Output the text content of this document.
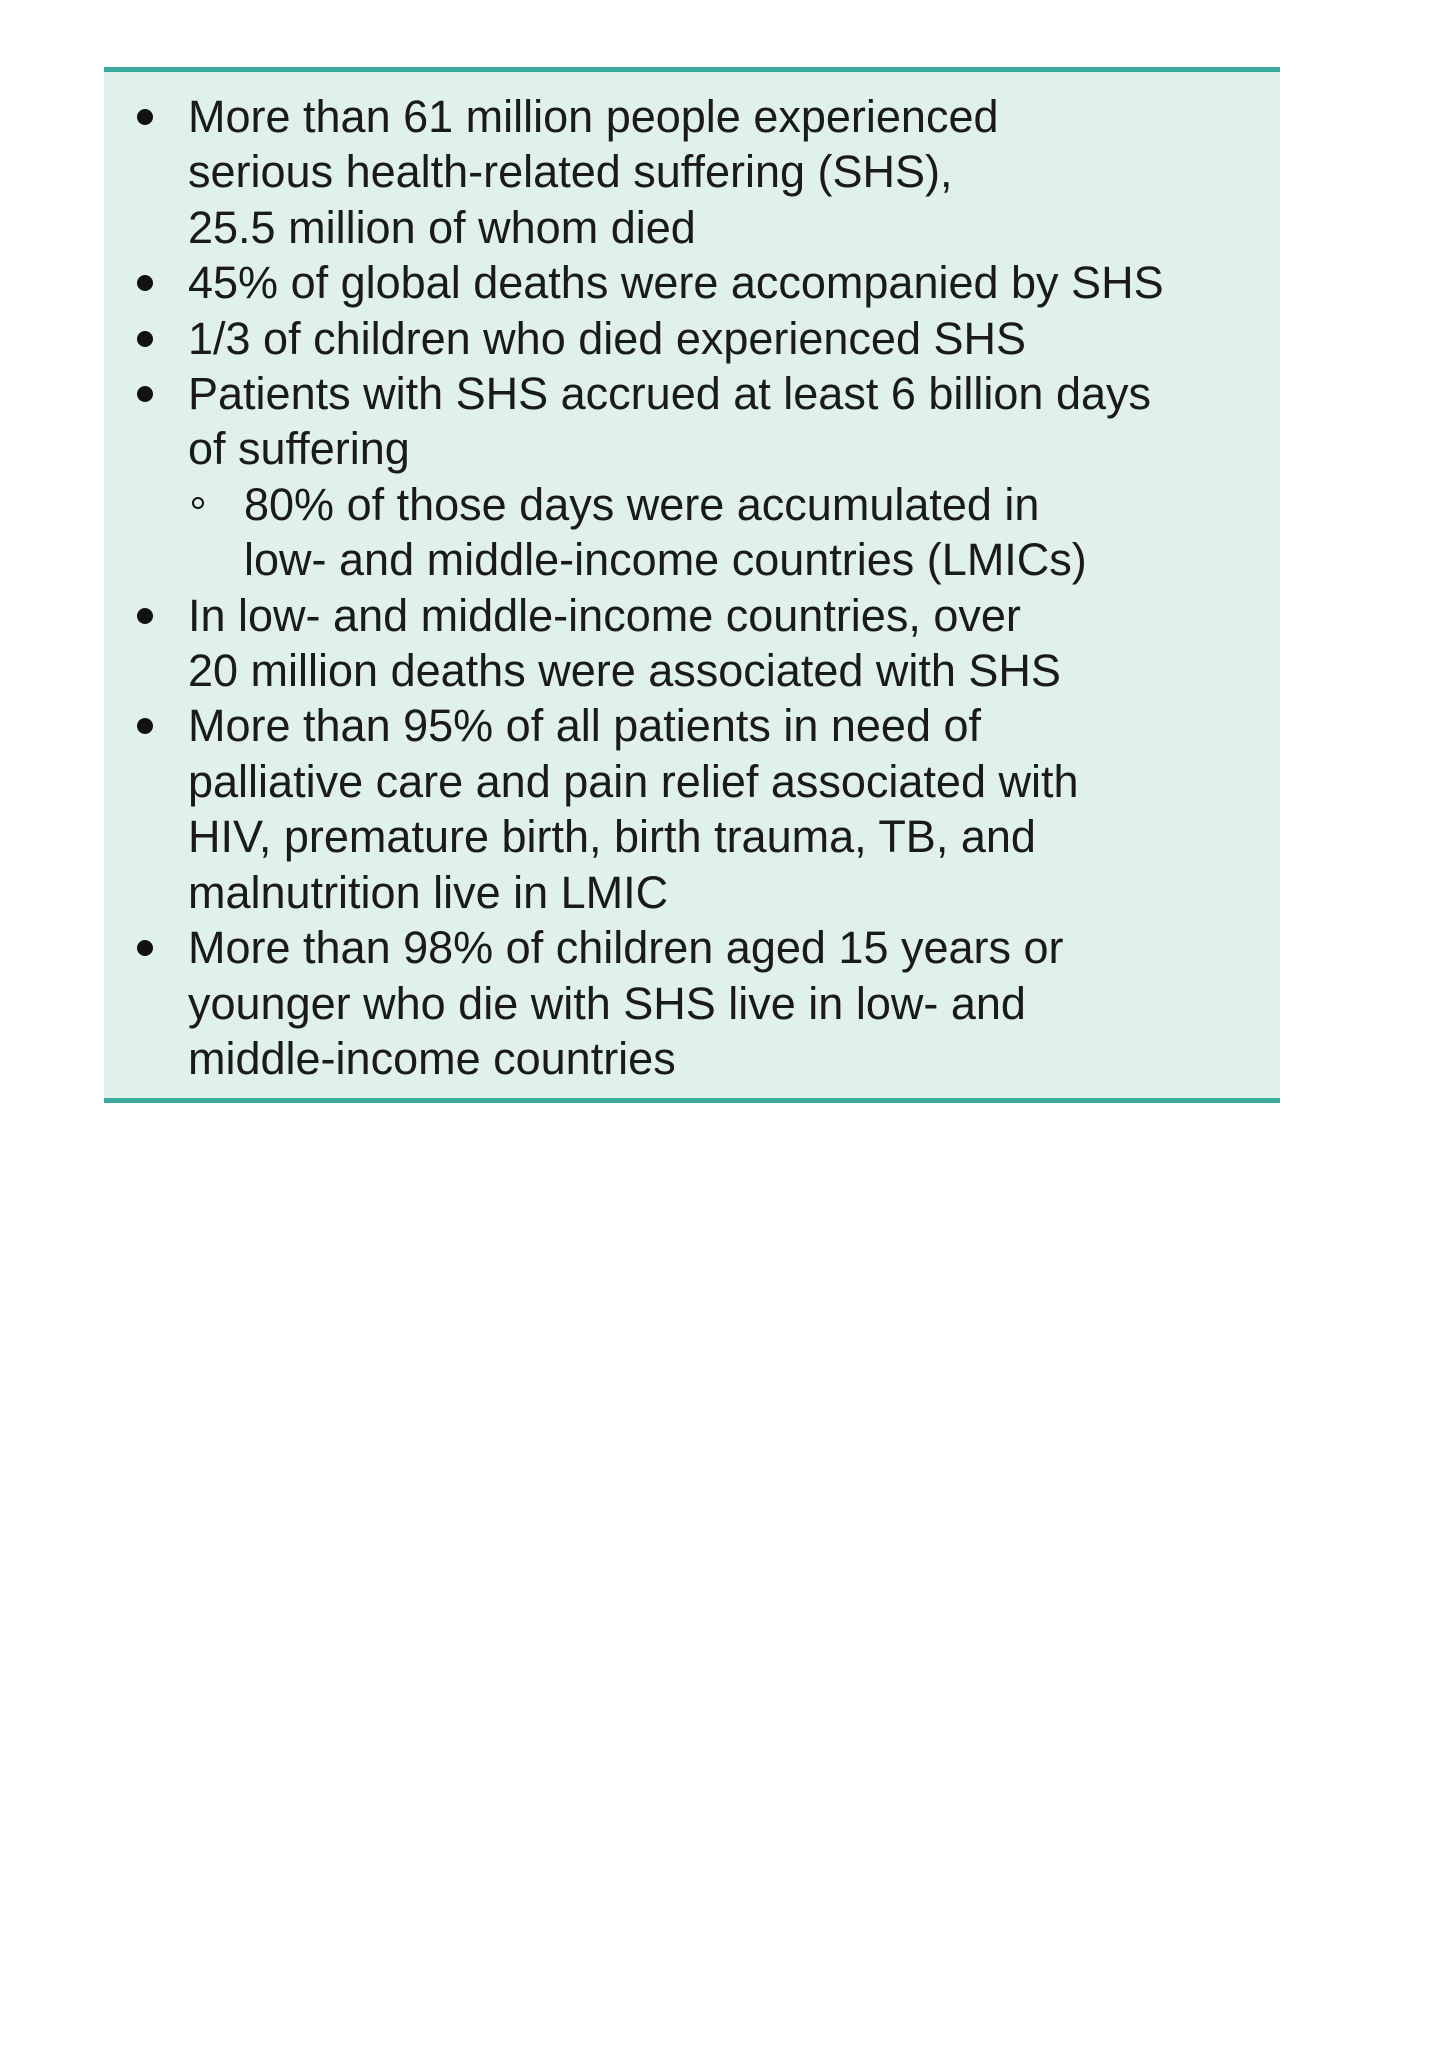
More than 61 million people experienced
serious health-related suffering (SHS),
25.5 million of whom died
45% of global deaths were accompanied by SHS
1/3 of children who died experienced SHS
Patients with SHS accrued at least 6 billion days
of suffering
80% of those days were accumulated in
low- and middle-income countries (LMICs)
In low- and middle-income countries, over
20 million deaths were associated with SHS
More than 95% of all patients in need of
palliative care and pain relief associated with
HIV, premature birth, birth trauma, TB, and
malnutrition live in LMIC
More than 98% of children aged 15 years or
younger who die with SHS live in low- and
middle-income countries
